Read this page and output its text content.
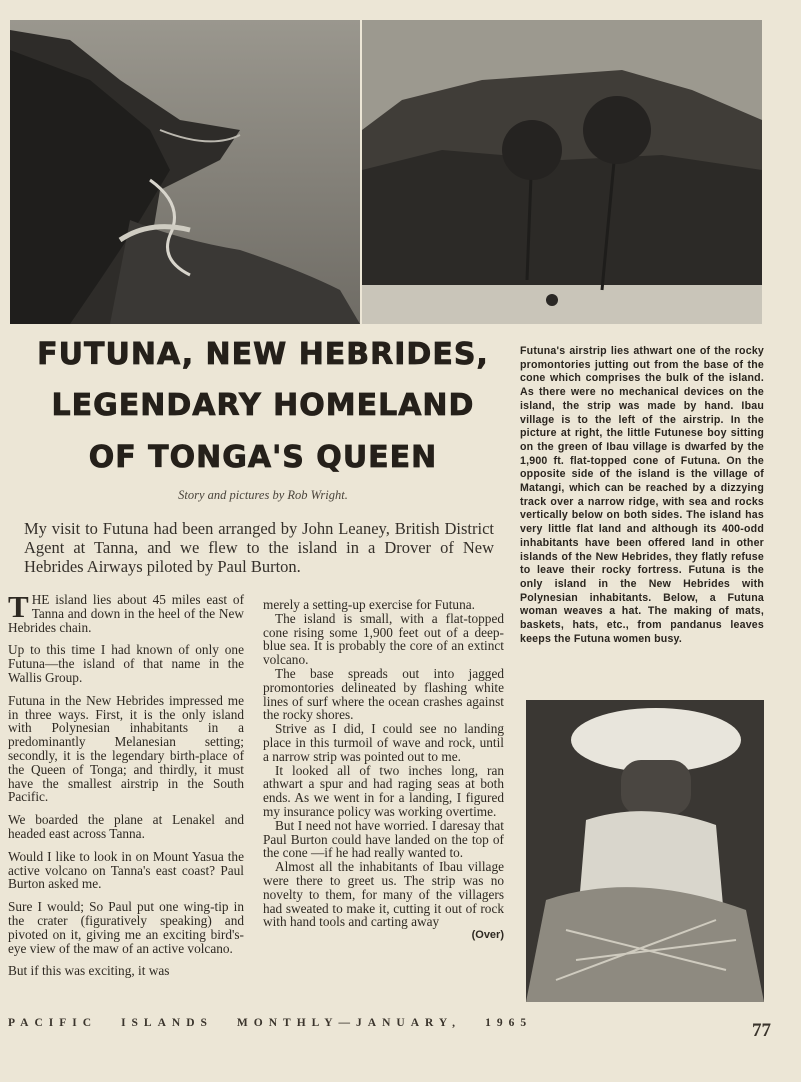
FUTUNA, NEW HEBRIDES,
LEGENDARY HOMELAND
OF TONGA'S QUEEN
Story and pictures by Rob Wright.
My visit to Futuna had been arranged by John Leaney, British District Agent at Tanna, and we flew to the island in a Drover of New Hebrides Airways piloted by Paul Burton.

THE island lies about 45 miles east of Tanna and down in the heel of the New Hebrides chain.

Up to this time I had known of only one Futuna—the island of that name in the Wallis Group.

Futuna in the New Hebrides impressed me in three ways. First, it is the only island with Polynesian inhabitants in a predominantly Melanesian setting; secondly, it is the legendary birth-place of the Queen of Tonga; and thirdly, it must have the smallest airstrip in the South Pacific.

We boarded the plane at Lenakel and headed east across Tanna.

Would I like to look in on Mount Yasua the active volcano on Tanna's east coast? Paul Burton asked me.

Sure I would; So Paul put one wing-tip in the crater (figuratively speaking) and pivoted on it, giving me an exciting bird's-eye view of the maw of an active volcano.

But if this was exciting, it was

merely a setting-up exercise for Futuna.

The island is small, with a flat-topped cone rising some 1,900 feet out of a deep-blue sea. It is probably the core of an extinct volcano.

The base spreads out into jagged promontories delineated by flashing white lines of surf where the ocean crashes against the rocky shores.

Strive as I did, I could see no landing place in this turmoil of wave and rock, until a narrow strip was pointed out to me.

It looked all of two inches long, ran athwart a spur and had raging seas at both ends. As we went in for a landing, I figured my insurance policy was working overtime.

But I need not have worried. I daresay that Paul Burton could have landed on the top of the cone —if he had really wanted to.

Almost all the inhabitants of Ibau village were there to greet us. The strip was no novelty to them, for many of the villagers had sweated to make it, cutting it out of rock with hand tools and carting away

(Over)
Futuna's airstrip lies athwart one of the rocky promontories jutting out from the base of the cone which comprises the bulk of the island. As there were no mechanical devices on the island, the strip was made by hand. Ibau village is to the left of the airstrip. In the picture at right, the little Futunese boy sitting on the green of Ibau village is dwarfed by the 1,900 ft. flat-topped cone of Futuna. On the opposite side of the island is the village of Matangi, which can be reached by a dizzying track over a narrow ridge, with sea and rocks vertically below on both sides. The island has very little flat land and although its 400-odd inhabitants have been offered land in other islands of the New Hebrides, they flatly refuse to leave their rocky fortress. Futuna is the only island in the New Hebrides with Polynesian inhabitants. Below, a Futuna woman weaves a hat. The making of mats, baskets, hats, etc., from pandanus leaves keeps the Futuna women busy.
PACIFIC ISLANDS MONTHLY—JANUARY, 1965	77
